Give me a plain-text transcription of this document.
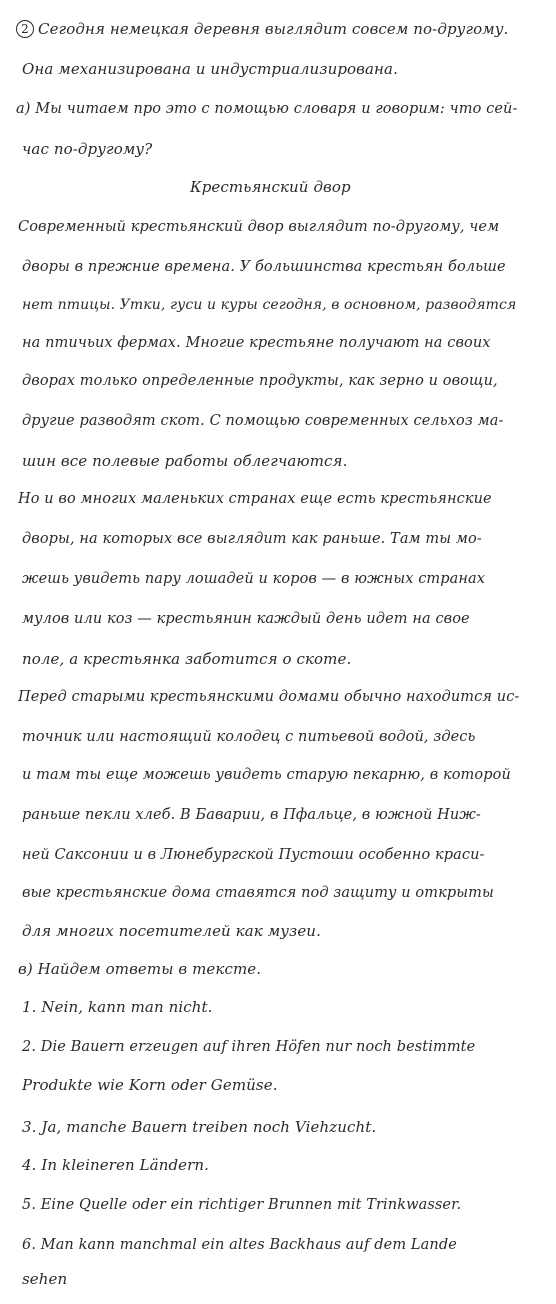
2 Сегодня немецкая деревня выглядит совсем по-другому.
Она механизирована и индустриализирована.
а) Мы читаем про это с помощью словаря и говорим: что сей-
час по-другому?
Крестьянский двор
Современный крестьянский двор выглядит по-другому, чем
дворы в прежние времена. У большинства крестьян больше
нет птицы. Утки, гуси и куры сегодня, в основном, разводятся
на птичьих фермах. Многие крестьяне получают на своих
дворах только определенные продукты, как зерно и овощи,
другие разводят скот. С помощью современных сельхоз ма-
шин все полевые работы облегчаются.
Но и во многих маленьких странах еще есть крестьянские
дворы, на которых все выглядит как раньше. Там ты мо-
жешь увидеть пару лошадей и коров — в южных странах
мулов или коз — крестьянин каждый день идет на свое
поле, а крестьянка заботится о скоте.
Перед старыми крестьянскими домами обычно находится ис-
точник или настоящий колодец с питьевой водой, здесь
и там ты еще можешь увидеть старую пекарню, в которой
раньше пекли хлеб. В Баварии, в Пфальце, в южной Ниж-
ней Саксонии и в Люнебургской Пустоши особенно краси-
вые крестьянские дома ставятся под защиту и открыты
для многих посетителей как музеи.
в) Найдем ответы в тексте.
1. Nein, kann man nicht.
2. Die Bauern erzeugen auf ihren Höfen nur noch bestimmte
Produkte wie Korn oder Gemüse.
3. Ja, manche Bauern treiben noch Viehzucht.
4. In kleineren Ländern.
5. Eine Quelle oder ein richtiger Brunnen mit Trinkwasser.
6. Man kann manchmal ein altes Backhaus auf dem Lande
sehen
